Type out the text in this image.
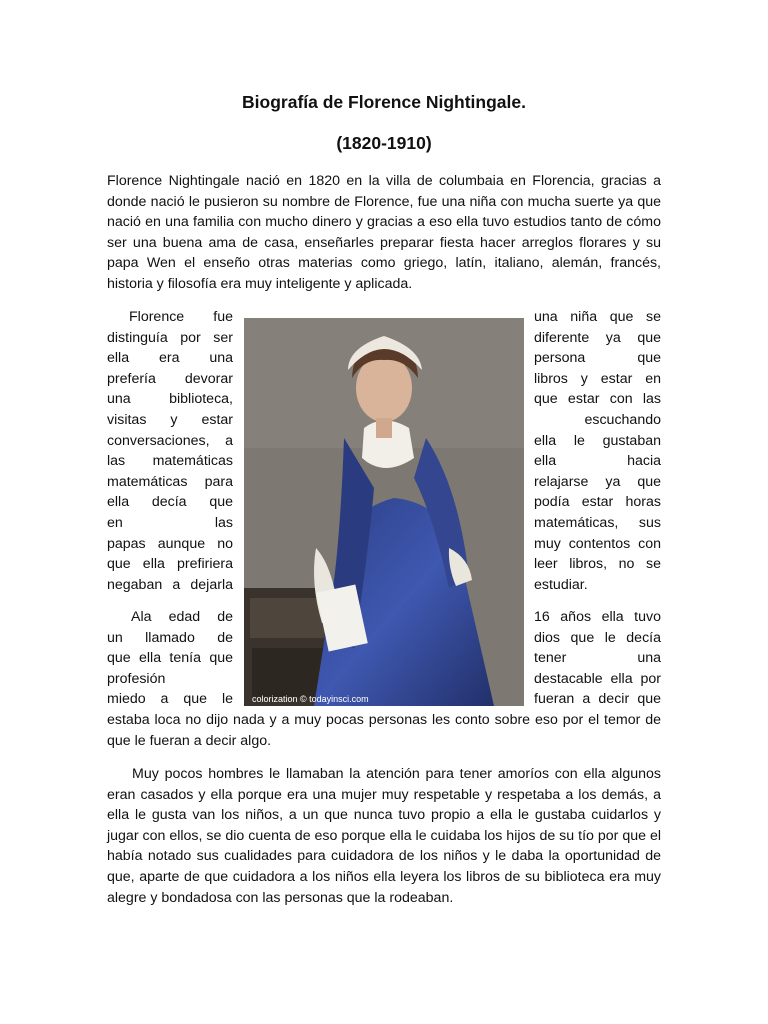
Biografía de Florence Nightingale.
(1820-1910)

Florence Nightingale nació en 1820 en la villa de columbaia en Florencia, gracias a donde nació le pusieron su nombre de Florence, fue una niña con mucha suerte ya que nació en una familia con mucho dinero y gracias a eso ella tuvo estudios tanto de cómo ser una buena ama de casa, enseñarles preparar fiesta hacer arreglos florares y su papa Wen el enseño otras materias como griego, latín, italiano, alemán, francés, historia y filosofía era muy inteligente y aplicada.

Florence fue
distinguía por ser
ella era una
prefería devorar
una biblioteca,
visitas y estar
conversaciones, a
las matemáticas
matemáticas para
ella decía que
en las
papas aunque no
que ella prefiriera
negaban a dejarla
una niña que se
diferente ya que
persona que
libros y estar en
que estar con las
escuchando
ella le gustaban
ella hacia
relajarse ya que
podía estar horas
matemáticas, sus
muy contentos con
leer libros, no se
estudiar.
colorization © todayinsci.com
Ala edad de
un llamado de
que ella tenía que
profesión
miedo a que le
16 años ella tuvo
dios que le decía
tener una
destacable ella por
fueran a decir que

estaba loca no dijo nada y a muy pocas personas les conto sobre eso por el temor de que le fueran a decir algo.

Muy pocos hombres le llamaban la atención para tener amoríos con ella algunos eran casados y ella porque era una mujer muy respetable y respetaba a los demás, a ella le gusta van los niños, a un que nunca tuvo propio a ella le gustaba cuidarlos y jugar con ellos, se dio cuenta de eso porque ella le cuidaba los hijos de su tío por que el había notado sus cualidades para cuidadora de los niños y le daba la oportunidad de que, aparte de que cuidadora a los niños ella leyera los libros de su biblioteca era muy alegre y bondadosa con las personas que la rodeaban.
